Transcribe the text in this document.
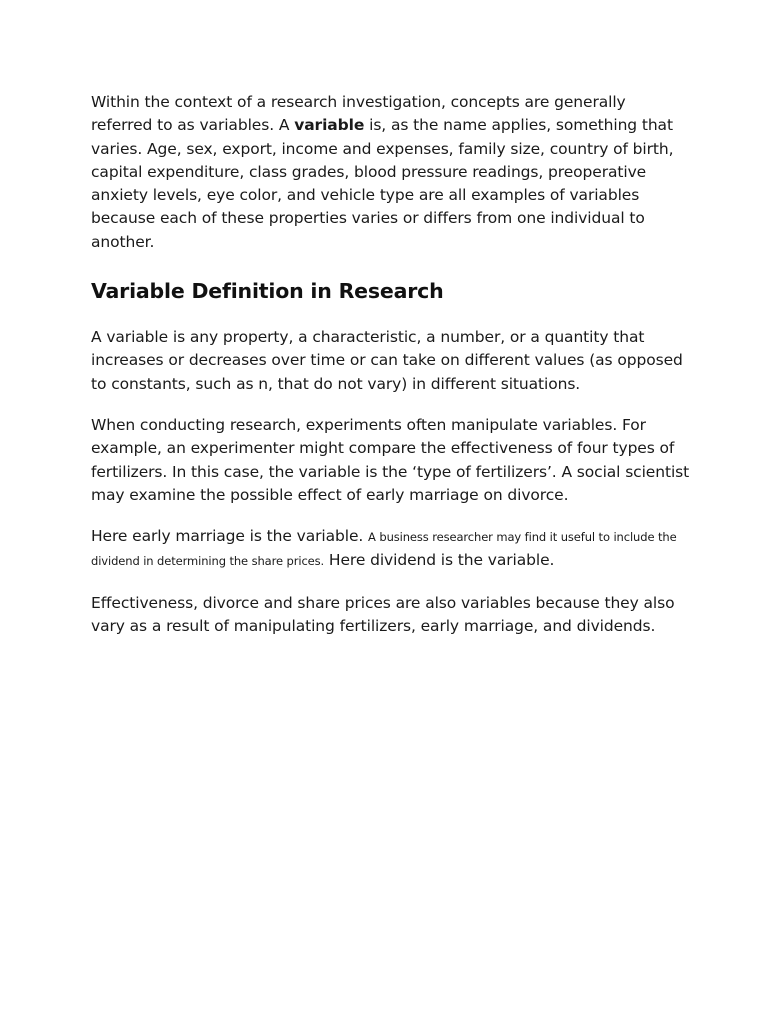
Within the context of a research investigation, concepts are generally referred to as variables. A variable is, as the name applies, something that varies. Age, sex, export, income and expenses, family size, country of birth, capital expenditure, class grades, blood pressure readings, preoperative anxiety levels, eye color, and vehicle type are all examples of variables because each of these properties varies or differs from one individual to another.

Variable Definition in Research

A variable is any property, a characteristic, a number, or a quantity that increases or decreases over time or can take on different values (as opposed to constants, such as n, that do not vary) in different situations.

When conducting research, experiments often manipulate variables. For example, an experimenter might compare the effectiveness of four types of fertilizers. In this case, the variable is the ‘type of fertilizers’. A social scientist may examine the possible effect of early marriage on divorce.

Here early marriage is the variable. A business researcher may find it useful to include the dividend in determining the share prices. Here dividend is the variable.

Effectiveness, divorce and share prices are also variables because they also vary as a result of manipulating fertilizers, early marriage, and dividends.
